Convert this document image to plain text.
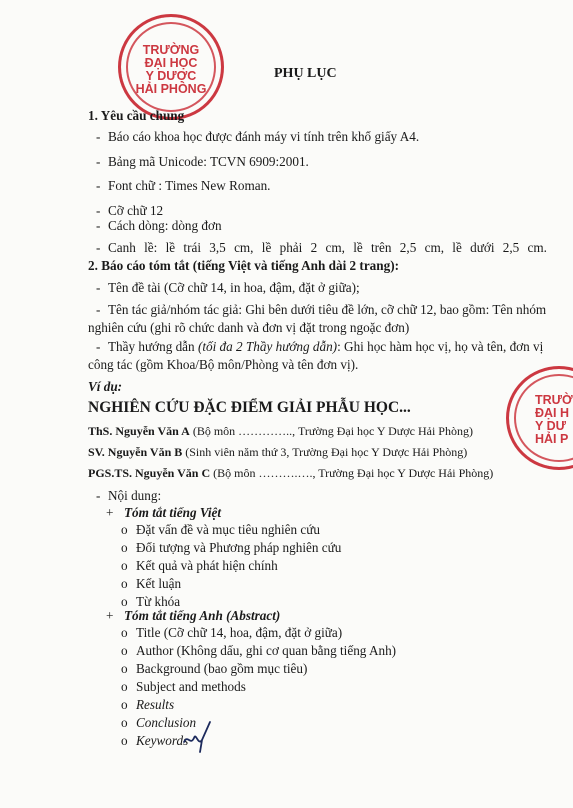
TRƯỜNG
ĐẠI HỌC
Y DƯỢC
HẢI PHÒNG
TRƯỜ
ĐẠI H
Y DƯ
HẢI P
PHỤ LỤC
1. Yêu cầu chung
- Báo cáo khoa học được đánh máy vi tính trên khổ giấy A4.
- Bảng mã Unicode: TCVN 6909:2001.
- Font chữ : Times New Roman.
- Cỡ chữ 12
- Cách dòng: dòng đơn
- Canh lề: lề trái 3,5 cm, lề phải 2 cm, lề trên 2,5 cm, lề dưới 2,5 cm.
2. Báo cáo tóm tắt (tiếng Việt và tiếng Anh dài 2 trang):
- Tên đề tài (Cỡ chữ 14, in hoa, đậm, đặt ở giữa);
- Tên tác giả/nhóm tác giả: Ghi bên dưới tiêu đề lớn, cỡ chữ 12, bao gồm: Tên nhóm
nghiên cứu (ghi rõ chức danh và đơn vị đặt trong ngoặc đơn)
- Thầy hướng dẫn (tối đa 2 Thầy hướng dẫn): Ghi học hàm học vị, họ và tên, đơn vị
công tác (gồm Khoa/Bộ môn/Phòng và tên đơn vị).
Ví dụ:
NGHIÊN CỨU ĐẶC ĐIỂM GIẢI PHẪU HỌC...
ThS. Nguyễn Văn A (Bộ môn ………….., Trường Đại học Y Dược Hải Phòng)
SV. Nguyễn Văn B (Sinh viên năm thứ 3, Trường Đại học Y Dược Hải Phòng)
PGS.TS. Nguyễn Văn C (Bộ môn ……….…., Trường Đại học Y Dược Hải Phòng)
- Nội dung:
+ Tóm tắt tiếng Việt
o Đặt vấn đề và mục tiêu nghiên cứu
o Đối tượng và Phương pháp nghiên cứu
o Kết quả và phát hiện chính
o Kết luận
o Từ khóa
+ Tóm tắt tiếng Anh (Abstract)
o Title (Cỡ chữ 14, hoa, đậm, đặt ở giữa)
o Author (Không dấu, ghi cơ quan bằng tiếng Anh)
o Background (bao gồm mục tiêu)
o Subject and methods
o Results
o Conclusion
o Keywords
